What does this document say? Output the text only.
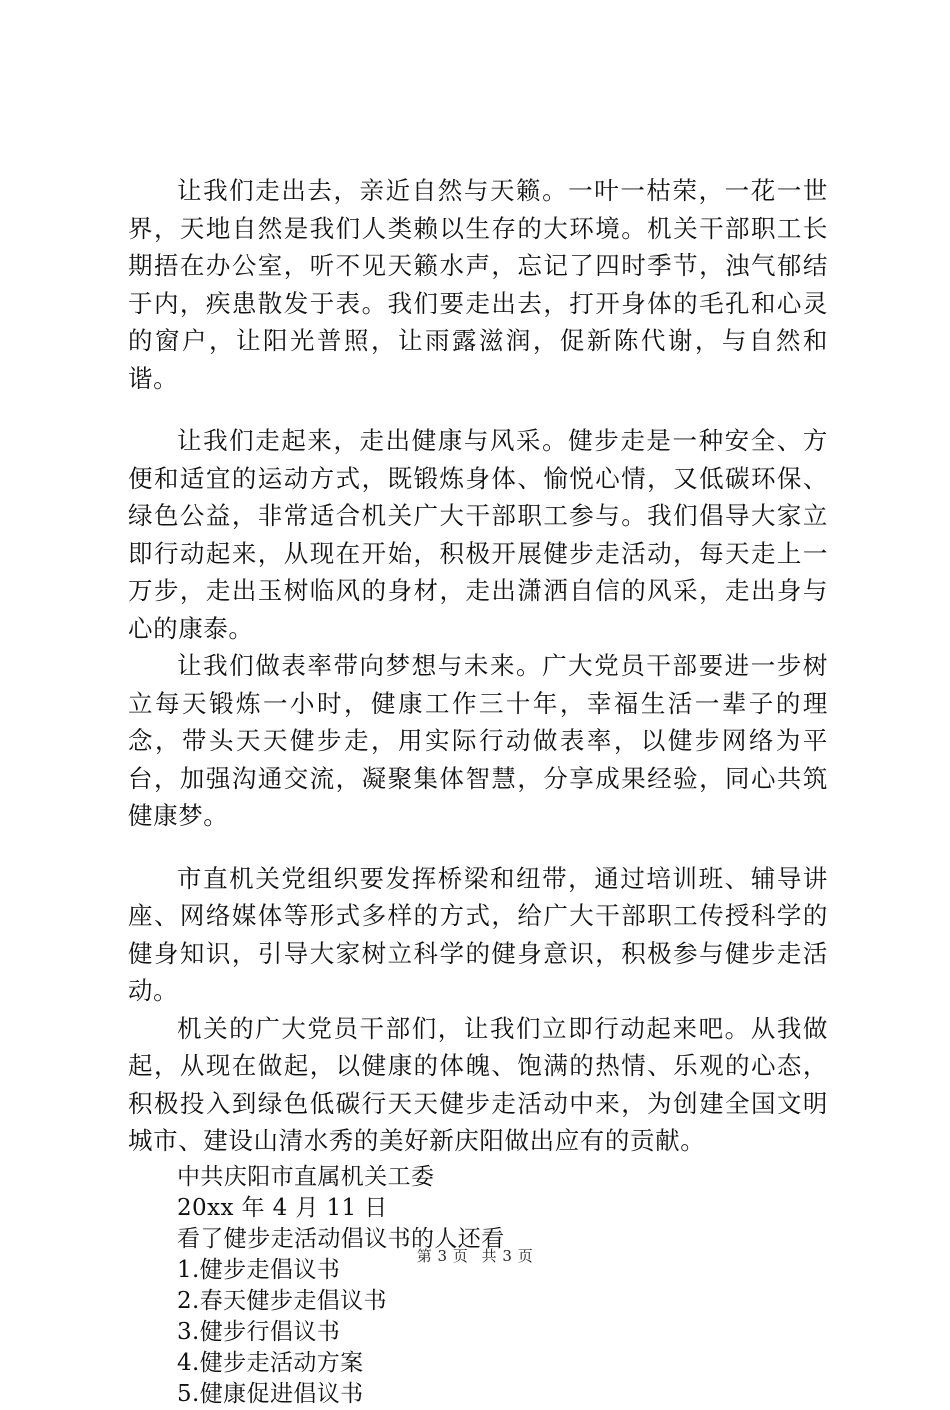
让我们走出去，亲近自然与天籁。一叶一枯荣，一花一世界，天地自然是我们人类赖以生存的大环境。机关干部职工长期捂在办公室，听不见天籁水声，忘记了四时季节，浊气郁结于内，疾患散发于表。我们要走出去，打开身体的毛孔和心灵的窗户，让阳光普照，让雨露滋润，促新陈代谢，与自然和谐。

让我们走起来，走出健康与风采。健步走是一种安全、方便和适宜的运动方式，既锻炼身体、愉悦心情，又低碳环保、绿色公益，非常适合机关广大干部职工参与。我们倡导大家立即行动起来，从现在开始，积极开展健步走活动，每天走上一万步，走出玉树临风的身材，走出潇洒自信的风采，走出身与心的康泰。

让我们做表率带向梦想与未来。广大党员干部要进一步树立每天锻炼一小时，健康工作三十年，幸福生活一辈子的理念，带头天天健步走，用实际行动做表率，以健步网络为平台，加强沟通交流，凝聚集体智慧，分享成果经验，同心共筑健康梦。

市直机关党组织要发挥桥梁和纽带，通过培训班、辅导讲座、网络媒体等形式多样的方式，给广大干部职工传授科学的健身知识，引导大家树立科学的健身意识，积极参与健步走活动。

机关的广大党员干部们，让我们立即行动起来吧。从我做起，从现在做起，以健康的体魄、饱满的热情、乐观的心态，积极投入到绿色低碳行天天健步走活动中来，为创建全国文明城市、建设山清水秀的美好新庆阳做出应有的贡献。

中共庆阳市直属机关工委

20xx 年 4 月 11 日

看了健步走活动倡议书的人还看

1.健步走倡议书

2.春天健步走倡议书

3.健步行倡议书

4.健步走活动方案

5.健康促进倡议书

第 3 页 共 3 页
